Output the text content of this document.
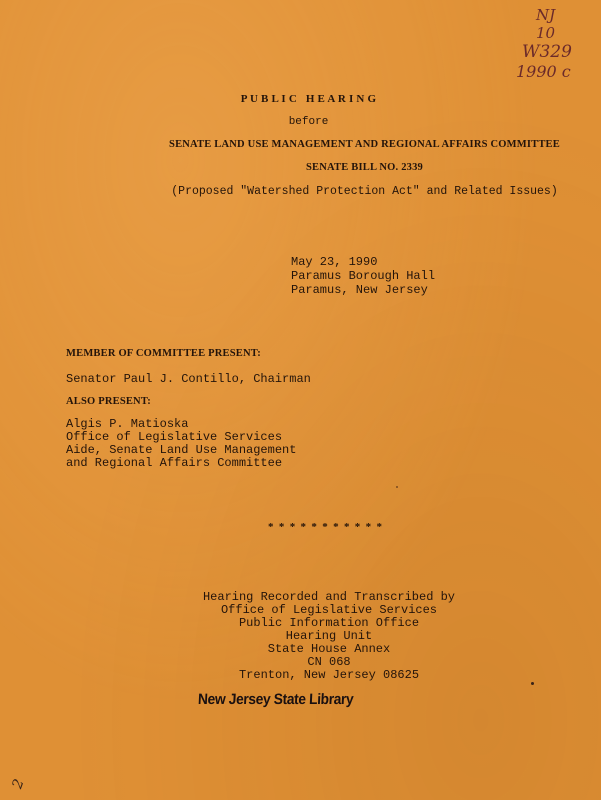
NJ
10
W329
1990 c
P U B L I C   H E A R I N G
before
SENATE LAND USE MANAGEMENT AND REGIONAL AFFAIRS COMMITTEE
SENATE BILL NO. 2339
(Proposed "Watershed Protection Act" and Related Issues)
May 23, 1990
Paramus Borough Hall
Paramus, New Jersey
MEMBER OF COMMITTEE PRESENT:
Senator Paul J. Contillo, Chairman
ALSO PRESENT:
Algis P. Matioska
Office of Legislative Services
Aide, Senate Land Use Management
and Regional Affairs Committee
* * * * * * * * * * *
Hearing Recorded and Transcribed by
Office of Legislative Services
Public Information Office
Hearing Unit
State House Annex
CN 068
Trenton, New Jersey 08625
New Jersey State Library
2
